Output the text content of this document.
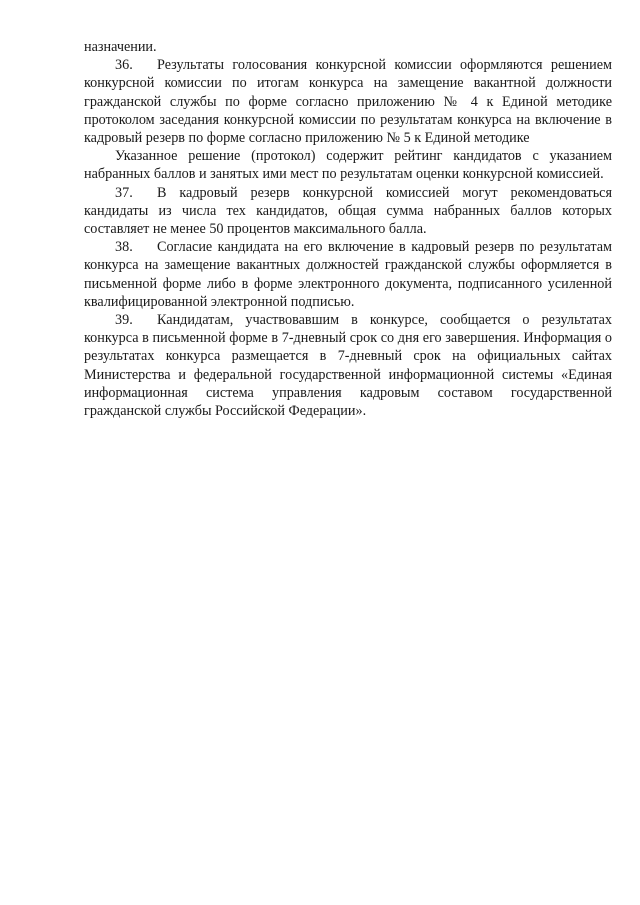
назначении.

36. Результаты голосования конкурсной комиссии оформляются решением конкурсной комиссии по итогам конкурса на замещение вакантной должности гражданской службы по форме согласно приложению № 4 к Единой методике протоколом заседания конкурсной комиссии по результатам конкурса на включение в кадровый резерв по форме согласно приложению № 5 к Единой методике

Указанное решение (протокол) содержит рейтинг кандидатов с указанием набранных баллов и занятых ими мест по результатам оценки конкурсной комиссией.

37. В кадровый резерв конкурсной комиссией могут рекомендоваться кандидаты из числа тех кандидатов, общая сумма набранных баллов которых составляет не менее 50 процентов максимального балла.

38. Согласие кандидата на его включение в кадровый резерв по результатам конкурса на замещение вакантных должностей гражданской службы оформляется в письменной форме либо в форме электронного документа, подписанного усиленной квалифицированной электронной подписью.

39. Кандидатам, участвовавшим в конкурсе, сообщается о результатах конкурса в письменной форме в 7-дневный срок со дня его завершения. Информация о результатах конкурса размещается в 7-дневный срок на официальных сайтах Министерства и федеральной государственной информационной системы «Единая информационная система управления кадровым составом государственной гражданской службы Российской Федерации».
